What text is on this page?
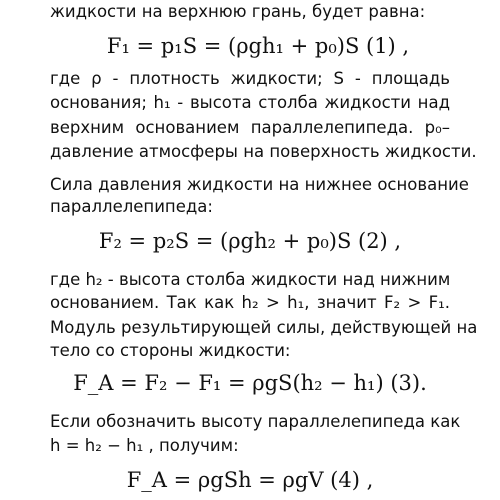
жидкости на верхнюю грань, будет равна:
F₁ = p₁S = (ρgh₁ + p₀)S (1) ,
где ρ - плотность жидкости; S - площадь
основания; h₁ - высота столба жидкости над
верхним основанием параллелепипеда. p₀–
давление атмосферы на поверхность жидкости.
Сила давления жидкости на нижнее основание
параллелепипеда:
F₂ = p₂S = (ρgh₂ + p₀)S (2) ,
где h₂ - высота столба жидкости над нижним
основанием. Так как h₂ > h₁, значит F₂ > F₁.
Модуль результирующей силы, действующей на
тело со стороны жидкости:
F_A = F₂ − F₁ = ρgS(h₂ − h₁) (3).
Если обозначить высоту параллелепипеда как
h = h₂ − h₁ , получим:
F_A = ρgSh = ρgV (4) ,
